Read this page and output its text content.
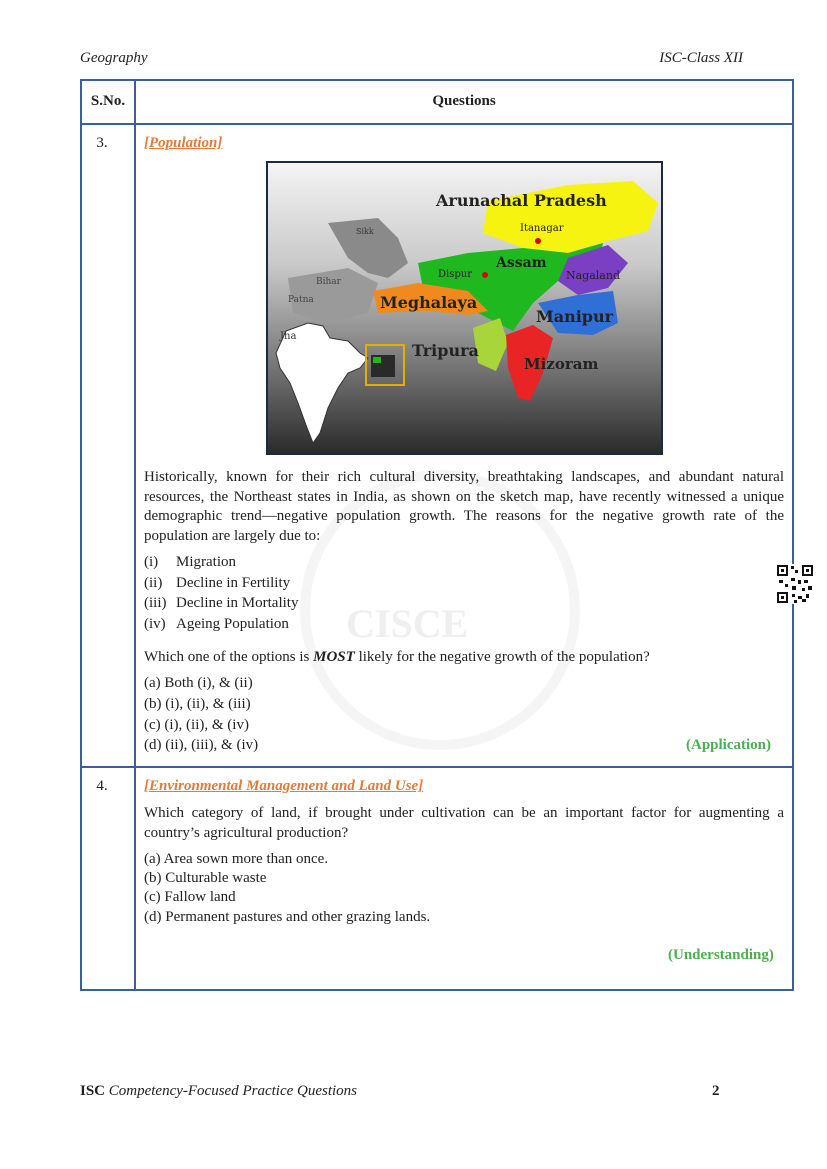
Geography	ISC-Class XII
CISCE
S.No.	Questions
3.	[Population]
Arunachal Pradesh
Itanagar
Assam
Dispur	Nagaland
Meghalaya
Manipur
Tripura
Mizoram
Bihar
Patna
Sikk
Jha
Historically, known for their rich cultural diversity, breathtaking landscapes, and abundant natural resources, the Northeast states in India, as shown on the sketch map, have recently witnessed a unique demographic trend—negative population growth. The reasons for the negative growth rate of the population are largely due to:
(i) Migration
(ii) Decline in Fertility
(iii) Decline in Mortality
(iv) Ageing Population
Which one of the options is MOST likely for the negative growth of the population?
(a) Both (i), & (ii)
(b) (i), (ii), & (iii)
(c) (i), (ii), & (iv)
(d) (ii), (iii), & (iv)	(Application)
4.	[Environmental Management and Land Use]
Which category of land, if brought under cultivation can be an important factor for augmenting a country’s agricultural production?
(a) Area sown more than once.
(b) Culturable waste
(c) Fallow land
(d) Permanent pastures and other grazing lands.
(Understanding)
ISC Competency-Focused Practice Questions	2
